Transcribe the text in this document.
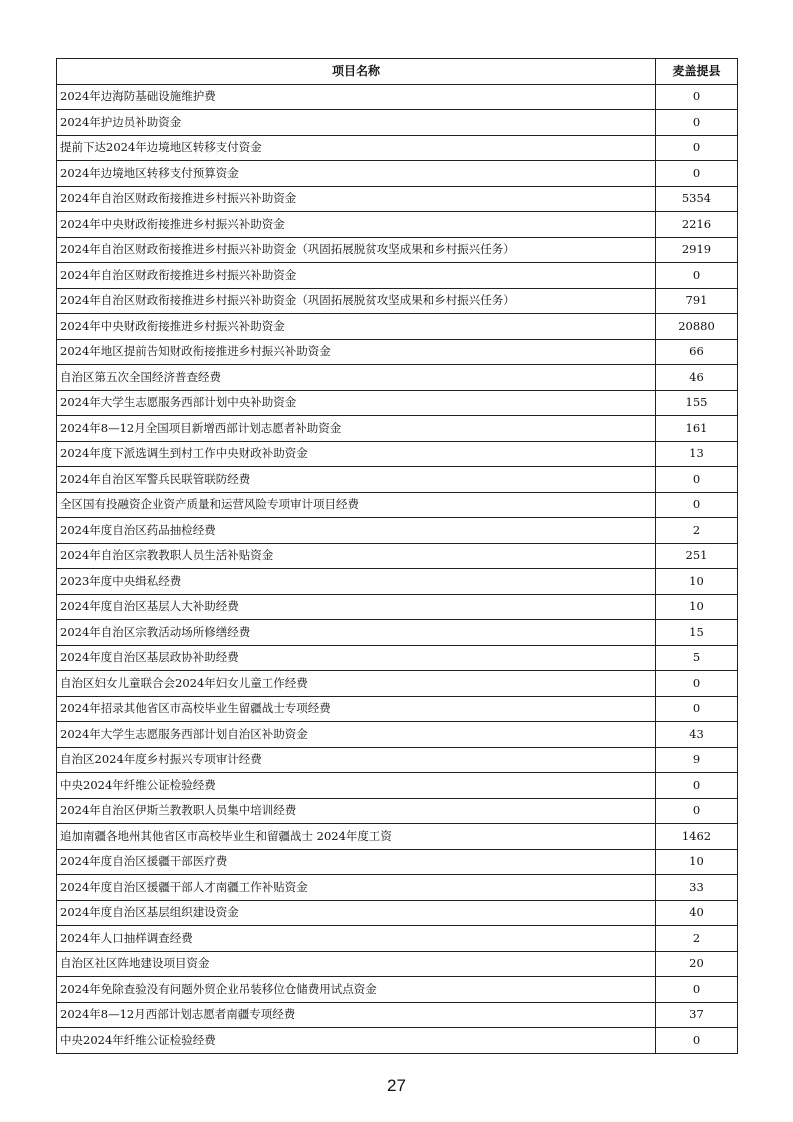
项目名称	麦盖提县
2024年边海防基础设施维护费	0
2024年护边员补助资金	0
提前下达2024年边境地区转移支付资金	0
2024年边境地区转移支付预算资金	0
2024年自治区财政衔接推进乡村振兴补助资金	5354
2024年中央财政衔接推进乡村振兴补助资金	2216
2024年自治区财政衔接推进乡村振兴补助资金（巩固拓展脱贫攻坚成果和乡村振兴任务）	2919
2024年自治区财政衔接推进乡村振兴补助资金	0
2024年自治区财政衔接推进乡村振兴补助资金（巩固拓展脱贫攻坚成果和乡村振兴任务）	791
2024年中央财政衔接推进乡村振兴补助资金	20880
2024年地区提前告知财政衔接推进乡村振兴补助资金	66
自治区第五次全国经济普查经费	46
2024年大学生志愿服务西部计划中央补助资金	155
2024年8—12月全国项目新增西部计划志愿者补助资金	161
2024年度下派选调生到村工作中央财政补助资金	13
2024年自治区军警兵民联管联防经费	0
全区国有投融资企业资产质量和运营风险专项审计项目经费	0
2024年度自治区药品抽检经费	2
2024年自治区宗教教职人员生活补贴资金	251
2023年度中央缉私经费	10
2024年度自治区基层人大补助经费	10
2024年自治区宗教活动场所修缮经费	15
2024年度自治区基层政协补助经费	5
自治区妇女儿童联合会2024年妇女儿童工作经费	0
2024年招录其他省区市高校毕业生留疆战士专项经费	0
2024年大学生志愿服务西部计划自治区补助资金	43
自治区2024年度乡村振兴专项审计经费	9
中央2024年纤维公证检验经费	0
2024年自治区伊斯兰教教职人员集中培训经费	0
追加南疆各地州其他省区市高校毕业生和留疆战士 2024年度工资	1462
2024年度自治区援疆干部医疗费	10
2024年度自治区援疆干部人才南疆工作补贴资金	33
2024年度自治区基层组织建设资金	40
2024年人口抽样调查经费	2
自治区社区阵地建设项目资金	20
2024年免除查验没有问题外贸企业吊装移位仓储费用试点资金	0
2024年8—12月西部计划志愿者南疆专项经费	37
中央2024年纤维公证检验经费	0
27
